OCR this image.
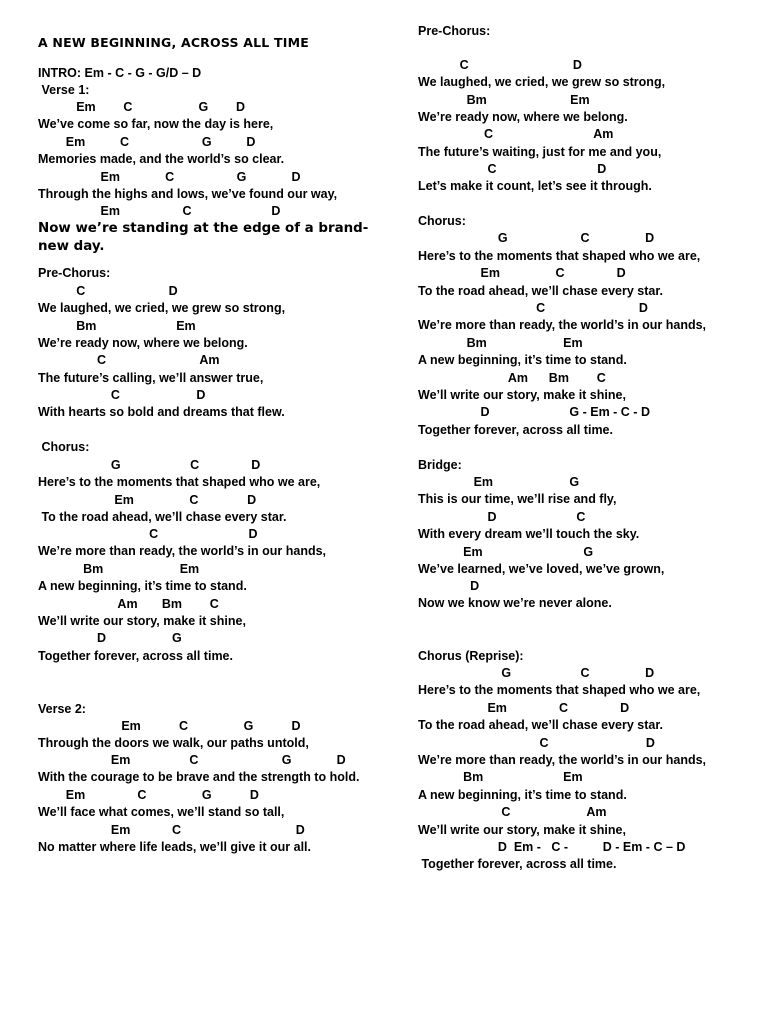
A NEW BEGINNING, ACROSS ALL TIME
INTRO: Em - C - G - G/D – D
Verse 1:
Em        C                   G        D
We’ve come so far, now the day is here,
Em          C                     G          D
Memories made, and the world’s so clear.
Em             C                  G             D
Through the highs and lows, we’ve found our way,
Em                  C                       D
Now we’re standing at the edge of a brand-new day.
Pre-Chorus:
C                        D
We laughed, we cried, we grew so strong,
Bm                       Em
We’re ready now, where we belong.
C                           Am
The future’s calling, we’ll answer true,
C                      D
With hearts so bold and dreams that flew.
Chorus:
G                    C               D
Here’s to the moments that shaped who we are,
Em                C              D
To the road ahead, we’ll chase every star.
C                          D
We’re more than ready, the world’s in our hands,
Bm                      Em
A new beginning, it’s time to stand.
Am       Bm        C
We’ll write our story, make it shine,
D                   G
Together forever, across all time.
Verse 2:
Em           C                G           D
Through the doors we walk, our paths untold,
Em                 C                        G             D
With the courage to be brave and the strength to hold.
Em               C                G           D
We’ll face what comes, we’ll stand so tall,
Em            C                                 D
No matter where life leads, we’ll give it our all.
Pre-Chorus:
C                              D
We laughed, we cried, we grew so strong,
Bm                        Em
We’re ready now, where we belong.
C                             Am
The future’s waiting, just for me and you,
C                             D
Let’s make it count, let’s see it through.
Chorus:
G                     C                D
Here’s to the moments that shaped who we are,
Em                C               D
To the road ahead, we’ll chase every star.
C                           D
We’re more than ready, the world’s in our hands,
Bm                      Em
A new beginning, it’s time to stand.
Am      Bm        C
We’ll write our story, make it shine,
D                       G - Em - C - D
Together forever, across all time.
Bridge:
Em                      G
This is our time, we’ll rise and fly,
D                       C
With every dream we’ll touch the sky.
Em                             G
We’ve learned, we’ve loved, we’ve grown,
D
Now we know we’re never alone.
Chorus (Reprise):
G                    C                D
Here’s to the moments that shaped who we are,
Em               C               D
To the road ahead, we’ll chase every star.
C                            D
We’re more than ready, the world’s in our hands,
Bm                       Em
A new beginning, it’s time to stand.
C                      Am
We’ll write our story, make it shine,
D  Em -   C -          D - Em - C – D
Together forever, across all time.
